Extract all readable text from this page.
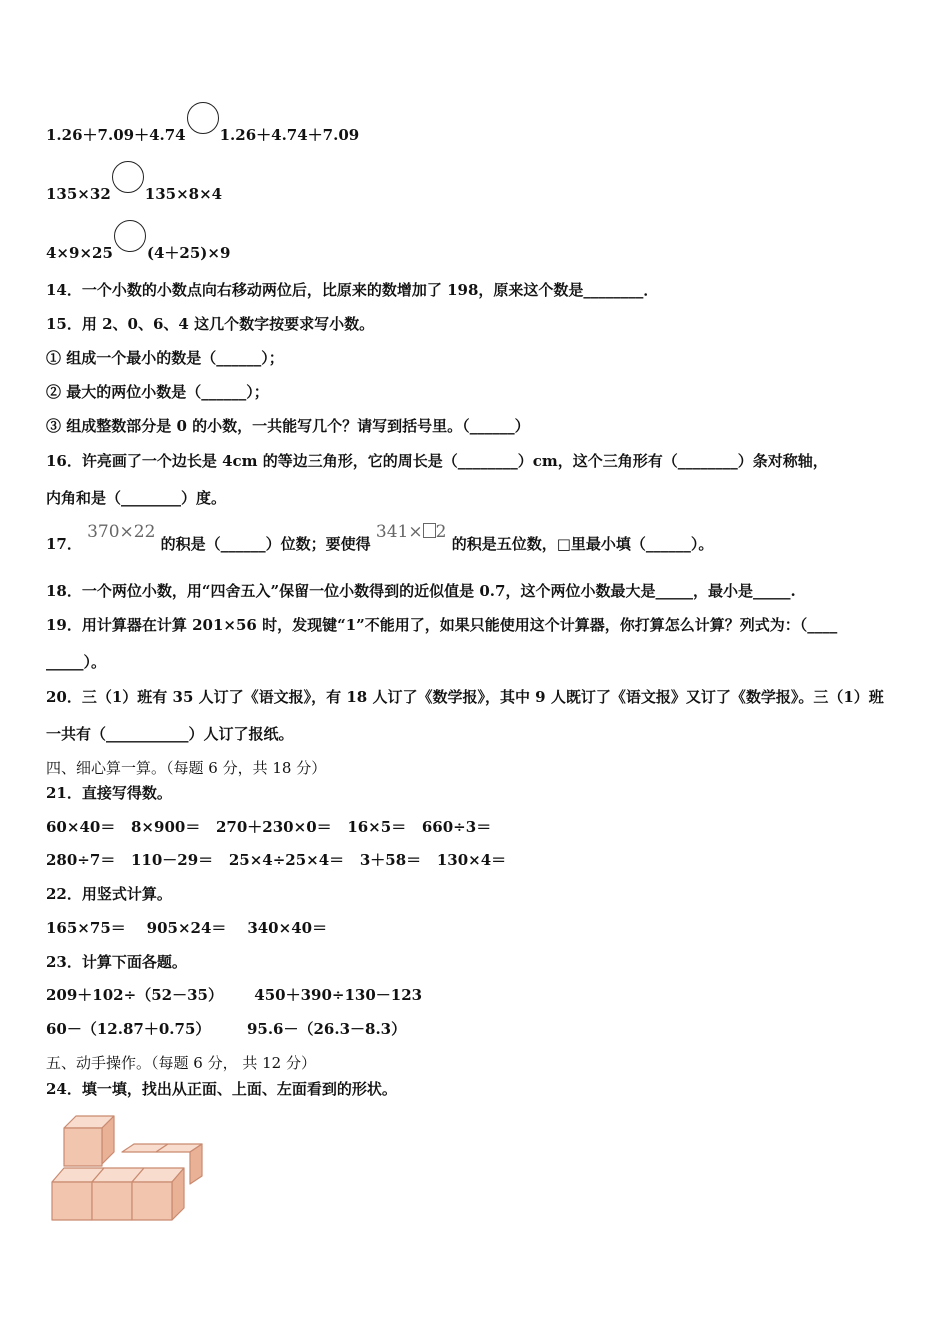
1.26＋7.09＋4.74 1.26＋4.74＋7.09
135×32 135×8×4
4×9×25 (4＋25)×9
14．一个小数的小数点向右移动两位后，比原来的数增加了 198，原来这个数是________．
15．用 2、0、6、4 这几个数字按要求写小数。
① 组成一个最小的数是（______）；
② 最大的两位小数是（______）；
③ 组成整数部分是 0 的小数，一共能写几个？请写到括号里。（______）
16．许亮画了一个边长是 4cm 的等边三角形，它的周长是（________）cm，这个三角形有（________）条对称轴，
内角和是（________）度。
17． 370×22 的积是（______）位数；要使得 341× 2 的积是五位数，□里最小填（______）。
18．一个两位小数，用“四舍五入”保留一位小数得到的近似值是 0.7，这个两位小数最大是_____，最小是_____.
19．用计算器在计算 201×56 时，发现键“1”不能用了，如果只能使用这个计算器，你打算怎么计算？列式为：（____
_____）。
20．三（1）班有 35 人订了《语文报》，有 18 人订了《数学报》，其中 9 人既订了《语文报》又订了《数学报》。三（1）班
一共有（___________）人订了报纸。
四、细心算一算。（每题 6 分，共 18 分）
21．直接写得数。
60×40＝ 8×900＝ 270＋230×0＝ 16×5＝ 660÷3＝
280÷7＝ 110－29＝ 25×4÷25×4＝ 3＋58＝ 130×4＝
22．用竖式计算。
165×75＝ 905×24＝ 340×40＝
23．计算下面各题。
209＋102÷（52－35） 450＋390÷130－123
60－（12.87＋0.75） 95.6－（26.3－8.3）
五、动手操作。（每题 6 分， 共 12 分）
24．填一填，找出从正面、上面、左面看到的形状。
